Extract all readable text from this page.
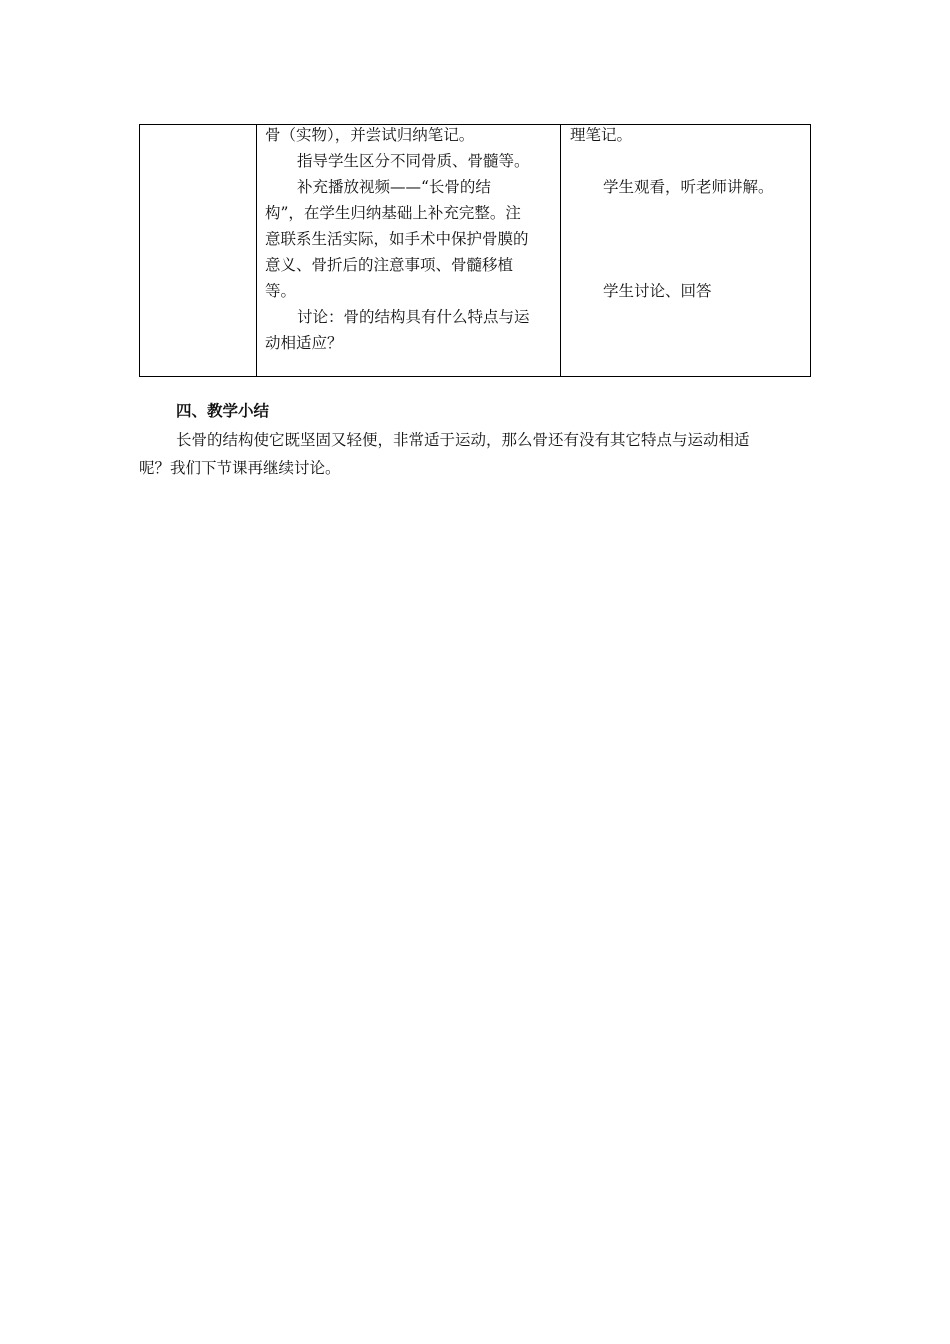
骨（实物），并尝试归纳笔记。
指导学生区分不同骨质、骨髓等。
补充播放视频——“长骨的结
构”，在学生归纳基础上补充完整。注
意联系生活实际，如手术中保护骨膜的
意义、骨折后的注意事项、骨髓移植
等。
讨论：骨的结构具有什么特点与运
动相适应？
理笔记。
学生观看，听老师讲解。
学生讨论、回答
四、教学小结
长骨的结构使它既坚固又轻便，非常适于运动，那么骨还有没有其它特点与运动相适
呢？我们下节课再继续讨论。
